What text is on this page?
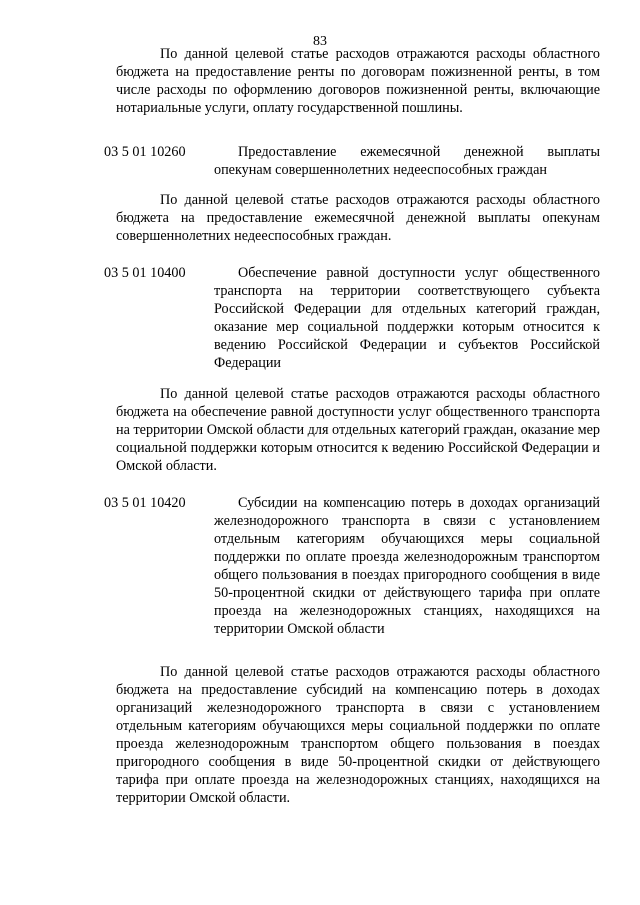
83

По данной целевой статье расходов отражаются расходы областного бюджета на предоставление ренты по договорам пожизненной ренты, в том числе расходы по оформлению договоров пожизненной ренты, включающие нотариальные услуги, оплату государственной пошлины.

03 5 01 10260	Предоставление ежемесячной денежной выплаты опекунам совершеннолетних недееспособных граждан

По данной целевой статье расходов отражаются расходы областного бюджета на предоставление ежемесячной денежной выплаты опекунам совершеннолетних недееспособных граждан.

03 5 01 10400	Обеспечение равной доступности услуг общественного транспорта на территории соответствующего субъекта Российской Федерации для отдельных категорий граждан, оказание мер социальной поддержки которым относится к ведению Российской Федерации и субъектов Российской Федерации

По данной целевой статье расходов отражаются расходы областного бюджета на обеспечение равной доступности услуг общественного транспорта на территории Омской области для отдельных категорий граждан, оказание мер социальной поддержки которым относится к ведению Российской Федерации и Омской области.

03 5 01 10420	Субсидии на компенсацию потерь в доходах организаций железнодорожного транспорта в связи с установлением отдельным категориям обучающихся меры социальной поддержки по оплате проезда железнодорожным транспортом общего пользования в поездах пригородного сообщения в виде 50-процентной скидки от действующего тарифа при оплате проезда на железнодорожных станциях, находящихся на территории Омской области

По данной целевой статье расходов отражаются расходы областного бюджета на предоставление субсидий на компенсацию потерь в доходах организаций железнодорожного транспорта в связи с установлением отдельным категориям обучающихся меры социальной поддержки по оплате проезда железнодорожным транспортом общего пользования в поездах пригородного сообщения в виде 50-процентной скидки от действующего тарифа при оплате проезда на железнодорожных станциях, находящихся на территории Омской области.
